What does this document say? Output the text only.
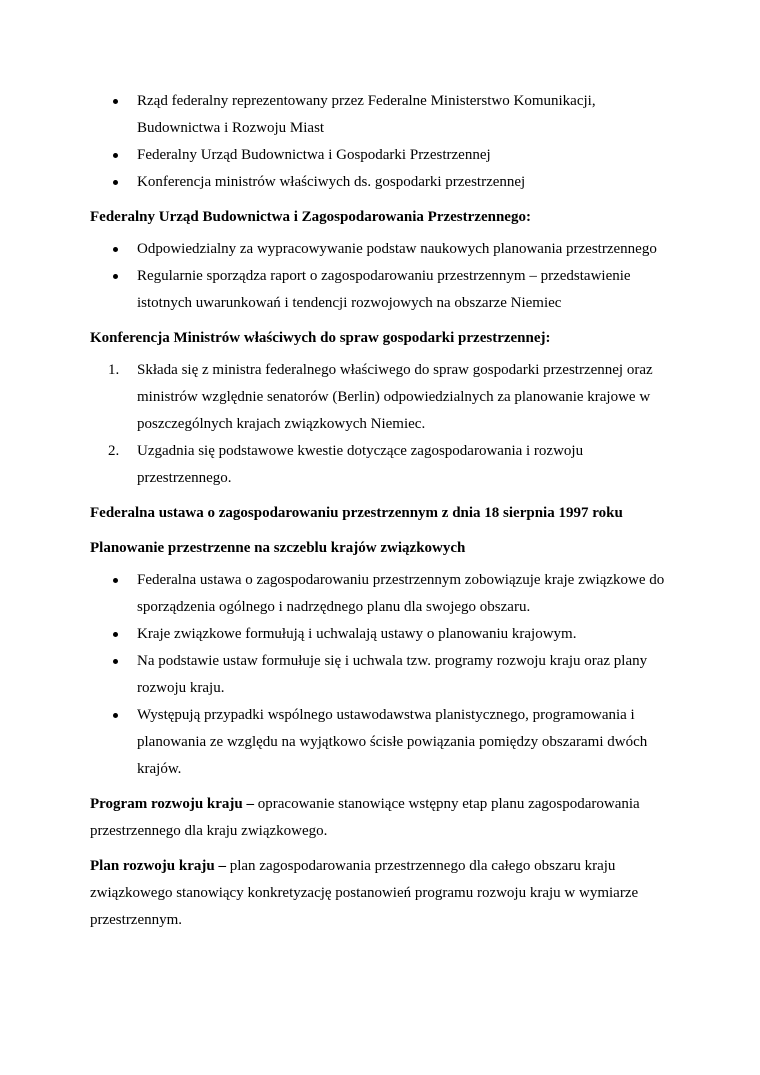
Rząd federalny reprezentowany przez Federalne Ministerstwo Komunikacji, Budownictwa i Rozwoju Miast
Federalny Urząd Budownictwa i Gospodarki Przestrzennej
Konferencja ministrów właściwych ds. gospodarki przestrzennej

Federalny Urząd Budownictwa i Zagospodarowania Przestrzennego:

Odpowiedzialny za wypracowywanie podstaw naukowych planowania przestrzennego
Regularnie sporządza raport o zagospodarowaniu przestrzennym – przedstawienie istotnych uwarunkowań i tendencji rozwojowych na obszarze Niemiec

Konferencja Ministrów właściwych do spraw gospodarki przestrzennej:

1.	Składa się z ministra federalnego właściwego do spraw gospodarki przestrzennej oraz ministrów względnie senatorów (Berlin) odpowiedzialnych za planowanie krajowe w poszczególnych krajach związkowych Niemiec.
2.	Uzgadnia się podstawowe kwestie dotyczące zagospodarowania i rozwoju przestrzennego.

Federalna ustawa o zagospodarowaniu przestrzennym z dnia 18 sierpnia 1997 roku

Planowanie przestrzenne na szczeblu krajów związkowych

Federalna ustawa o zagospodarowaniu przestrzennym zobowiązuje kraje związkowe do sporządzenia ogólnego i nadrzędnego planu dla swojego obszaru.
Kraje związkowe formułują i uchwalają ustawy o planowaniu krajowym.
Na podstawie ustaw formułuje się i uchwala tzw. programy rozwoju kraju oraz plany rozwoju kraju.
Występują przypadki wspólnego ustawodawstwa planistycznego, programowania i planowania ze względu na wyjątkowo ścisłe powiązania pomiędzy obszarami dwóch krajów.

Program rozwoju kraju – opracowanie stanowiące wstępny etap planu zagospodarowania przestrzennego dla kraju związkowego.

Plan rozwoju kraju – plan zagospodarowania przestrzennego dla całego obszaru kraju związkowego stanowiący konkretyzację postanowień programu rozwoju kraju w wymiarze przestrzennym.
